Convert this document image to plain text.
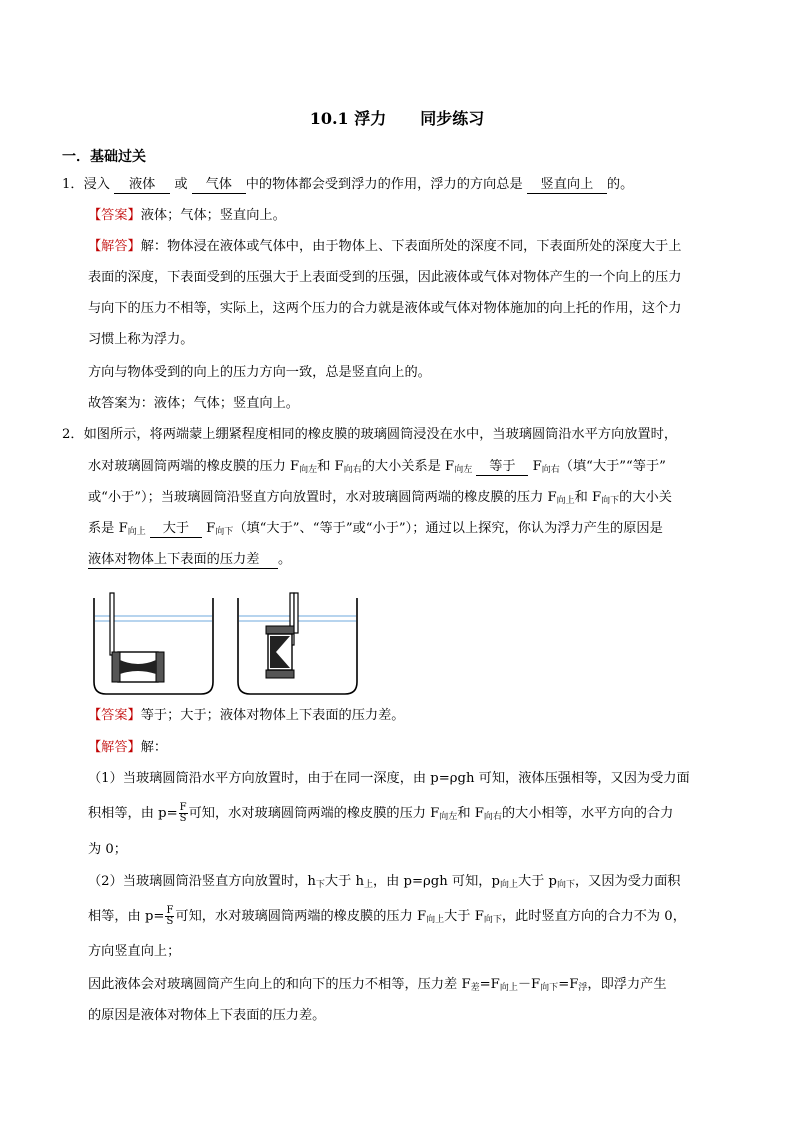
10.1 浮力 同步练习
一．基础过关
1．浸入 液体 或 气体 中的物体都会受到浮力的作用，浮力的方向总是 竖直向上 的。
【答案】液体；气体；竖直向上。
【解答】解：物体浸在液体或气体中，由于物体上、下表面所处的深度不同，下表面所处的深度大于上
表面的深度，下表面受到的压强大于上表面受到的压强，因此液体或气体对物体产生的一个向上的压力
与向下的压力不相等，实际上，这两个压力的合力就是液体或气体对物体施加的向上托的作用，这个力
习惯上称为浮力。
方向与物体受到的向上的压力方向一致，总是竖直向上的。
故答案为：液体；气体；竖直向上。
2．如图所示，将两端蒙上绷紧程度相同的橡皮膜的玻璃圆筒浸没在水中，当玻璃圆筒沿水平方向放置时，
水对玻璃圆筒两端的橡皮膜的压力 F向左和 F向右的大小关系是 F向左 等于 F向右（填“大于”“等于”
或“小于”）；当玻璃圆筒沿竖直方向放置时，水对玻璃圆筒两端的橡皮膜的压力 F向上和 F向下的大小关
系是 F向上 大于 F向下（填“大于”、“等于”或“小于”）；通过以上探究，你认为浮力产生的原因是
液体对物体上下表面的压力差 。
【答案】等于；大于；液体对物体上下表面的压力差。
【解答】解：
（1）当玻璃圆筒沿水平方向放置时，由于在同一深度，由 p=ρgh 可知，液体压强相等，又因为受力面
积相等，由 $p= \frac{F}{S}$ 可知，水对玻璃圆筒两端的橡皮膜的压力 F向左和 F向右的大小相等，水平方向的合力
为 0；
（2）当玻璃圆筒沿竖直方向放置时，h下大于 h上，由 p=ρgh 可知，p向上大于 p向下，又因为受力面积
相等，由 $p= \frac{F}{S}$ 可知，水对玻璃圆筒两端的橡皮膜的压力 F向上大于 F向下，此时竖直方向的合力不为 0，
方向竖直向上；
因此液体会对玻璃圆筒产生向上的和向下的压力不相等，压力差 F差=F向上－F向下=F浮，即浮力产生
的原因是液体对物体上下表面的压力差。
